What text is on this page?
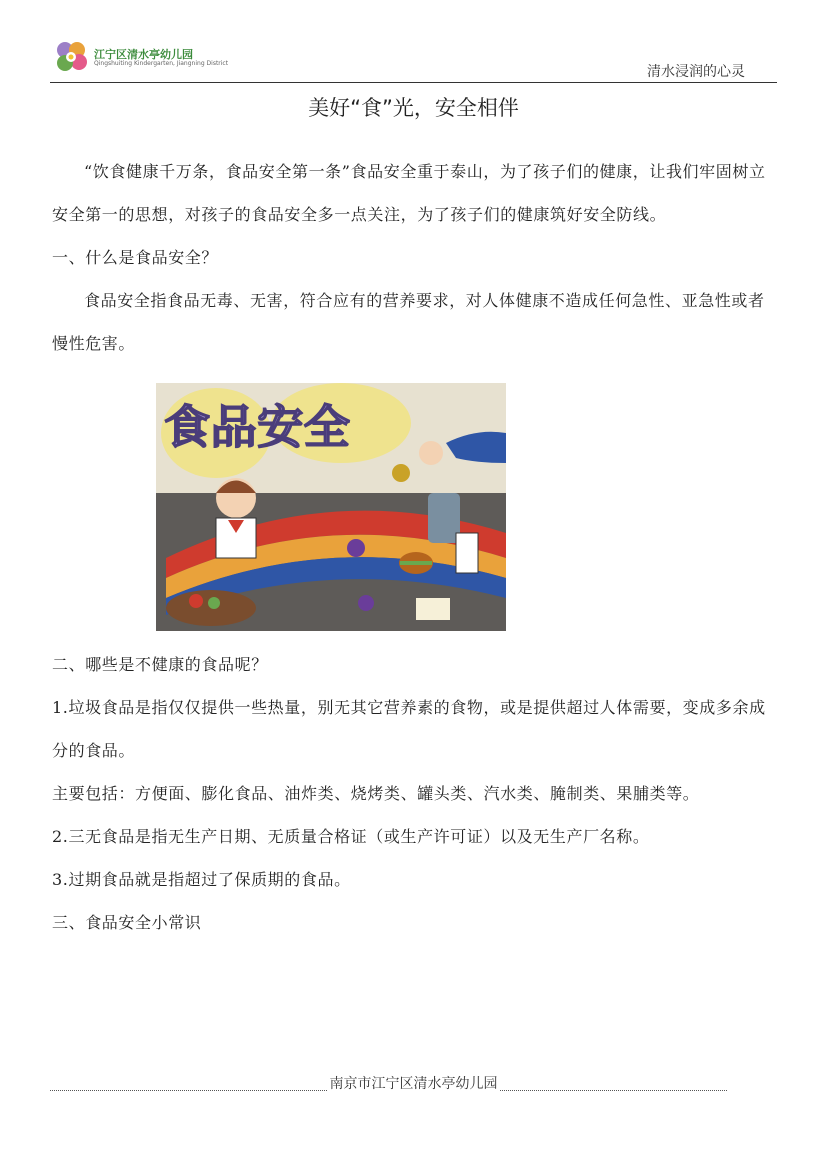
江宁区清水亭幼儿园
Qingshuiting Kindergarten, Jiangning District
清水浸润的心灵
美好“食”光，安全相伴

“饮食健康千万条，食品安全第一条”食品安全重于泰山，为了孩子们的健康，让我们牢固树立安全第一的思想，对孩子的食品安全多一点关注，为了孩子们的健康筑好安全防线。

一、什么是食品安全？

食品安全指食品无毒、无害，符合应有的营养要求，对人体健康不造成任何急性、亚急性或者慢性危害。

食品安全

二、哪些是不健康的食品呢？

1.垃圾食品是指仅仅提供一些热量，别无其它营养素的食物，或是提供超过人体需要，变成多余成分的食品。

主要包括：方便面、膨化食品、油炸类、烧烤类、罐头类、汽水类、腌制类、果脯类等。

2.三无食品是指无生产日期、无质量合格证（或生产许可证）以及无生产厂名称。

3.过期食品就是指超过了保质期的食品。

三、食品安全小常识

南京市江宁区清水亭幼儿园
